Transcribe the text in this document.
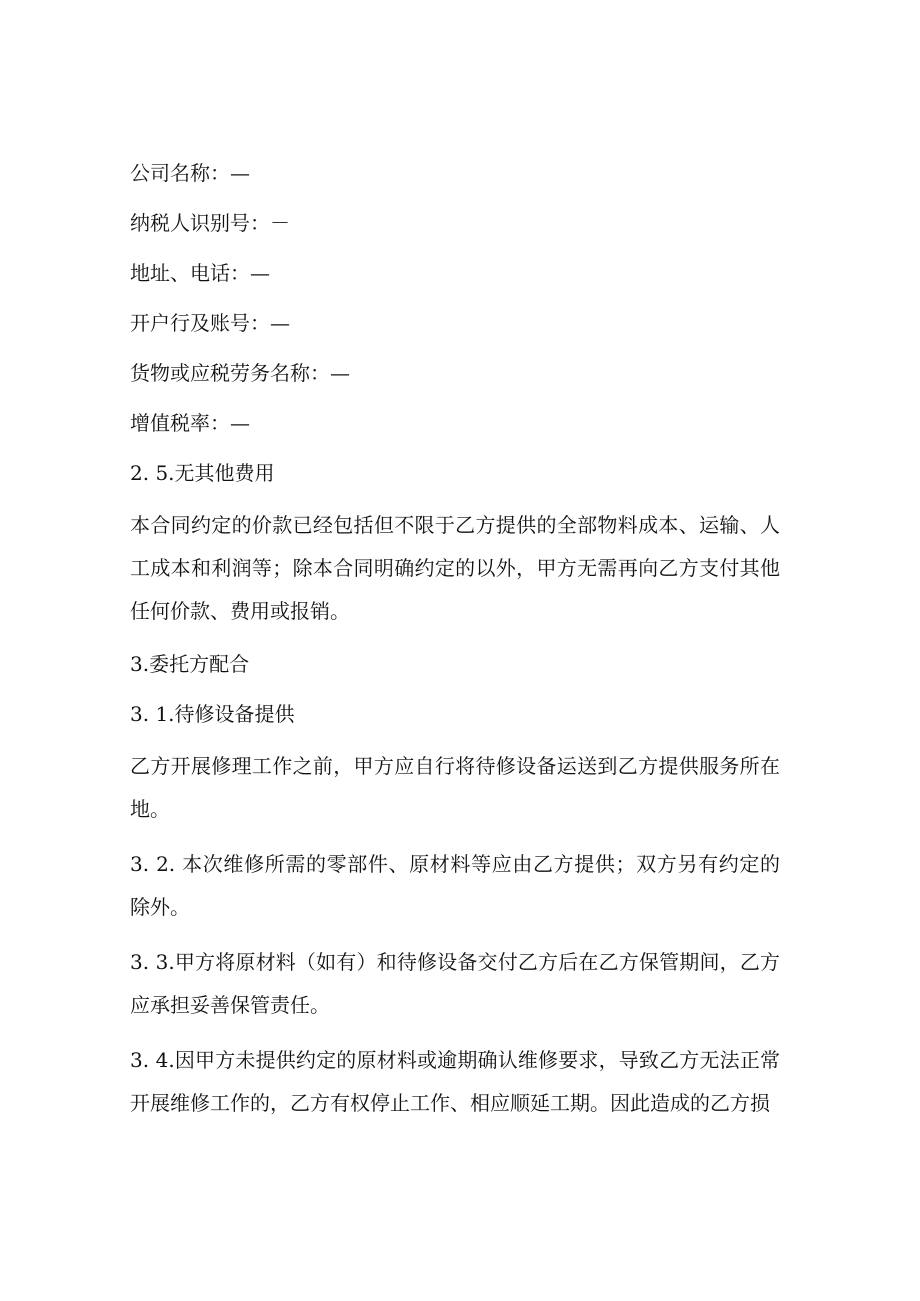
公司名称：—

纳税人识别号：－

地址、电话：—

开户行及账号：—

货物或应税劳务名称：—

增值税率：—

2. 5.无其他费用

本合同约定的价款已经包括但不限于乙方提供的全部物料成本、运输、人工成本和利润等；除本合同明确约定的以外，甲方无需再向乙方支付其他任何价款、费用或报销。

3.委托方配合

3. 1.待修设备提供

乙方开展修理工作之前，甲方应自行将待修设备运送到乙方提供服务所在地。

3. 2. 本次维修所需的零部件、原材料等应由乙方提供；双方另有约定的除外。

3. 3.甲方将原材料（如有）和待修设备交付乙方后在乙方保管期间，乙方应承担妥善保管责任。

3. 4.因甲方未提供约定的原材料或逾期确认维修要求，导致乙方无法正常开展维修工作的，乙方有权停止工作、相应顺延工期。因此造成的乙方损
